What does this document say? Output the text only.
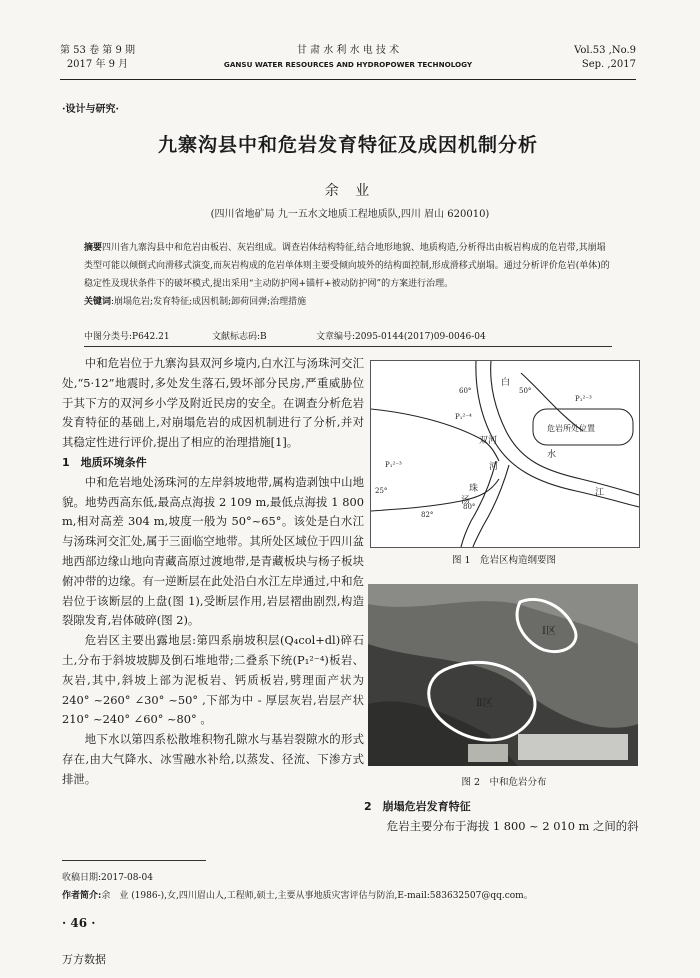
第 53 卷 第 9 期
2017 年 9 月
甘 肃 水 利 水 电 技 术
GANSU WATER RESOURCES AND HYDROPOWER TECHNOLOGY
Vol.53 ,No.9
Sep. ,2017
·设计与研究·
九寨沟县中和危岩发育特征及成因机制分析
余 业
(四川省地矿局 九一五水文地质工程地质队,四川 眉山 620010)
摘要四川省九寨沟县中和危岩由板岩、灰岩组成。调查岩体结构特征,结合地形地貌、地质构造,分析得出由板岩构成的危岩带,其崩塌类型可能以倾倒式向滑移式演变,而灰岩构成的危岩单体则主要受倾向坡外的结构面控制,形成滑移式崩塌。通过分析评价危岩(单体)的稳定性及现状条件下的破坏模式,提出采用“主动防护网+锚杆+被动防护网”的方案进行治理。
关键词:崩塌危岩;发育特征;成因机制;卸荷回弹;治理措施
中图分类号:P642.21	文献标志码:B	文章编号:2095-0144(2017)09-0046-04

中和危岩位于九寨沟县双河乡境内,白水江与汤珠河交汇处,“5·12”地震时,多处发生落石,毁坏部分民房,严重威胁位于其下方的双河乡小学及附近民房的安全。在调查分析危岩发育特征的基础上,对崩塌危岩的成因机制进行了分析,并对其稳定性进行评价,提出了相应的治理措施[1]。

1　地质环境条件

中和危岩地处汤珠河的左岸斜坡地带,属构造剥蚀中山地貌。地势西高东低,最高点海拔 2 109 m,最低点海拔 1 800 m,相对高差 304 m,坡度一般为 50°~65°。该处是白水江与汤珠河交汇处,属于三面临空地带。其所处区域位于四川盆地西部边缘山地向青藏高原过渡地带,是青藏板块与杨子板块俯冲带的边缘。有一逆断层在此处沿白水江左岸通过,中和危岩位于该断层的上盘(图 1),受断层作用,岩层褶曲剧烈,构造裂隙发育,岩体破碎(图 2)。

危岩区主要出露地层:第四系崩坡积层(Q₄col+dl)碎石土,分布于斜坡坡脚及倒石堆地带;二叠系下统(P₁²⁻⁴)板岩、灰岩,其中,斜坡上部为泥板岩、钙质板岩,劈理面产状为 240° ~260° ∠30° ~50° ,下部为中 - 厚层灰岩,岩层产状 210° ~240° ∠60° ~80° 。

地下水以第四系松散堆积物孔隙水与基岩裂隙水的形式存在,由大气降水、冰雪融水补给,以蒸发、径流、下渗方式排泄。

白
水
江
双河
河
汤
珠
危岩所处位置
60°	50°
25°
82°
80°
P₁²⁻⁴
P₁²⁻³
P₁²⁻³
图 1　危岩区构造纲要图
Ⅰ区
Ⅱ区
图 2　中和危岩分布

2　崩塌危岩发育特征

危岩主要分布于海拔 1 800 ~ 2 010 m 之间的斜

收稿日期:2017-08-04
作者简介:余　业 (1986-),女,四川眉山人,工程师,硕士,主要从事地质灾害评估与防治,E-mail:583632507@qq.com。
· 46 ·
万方数据
